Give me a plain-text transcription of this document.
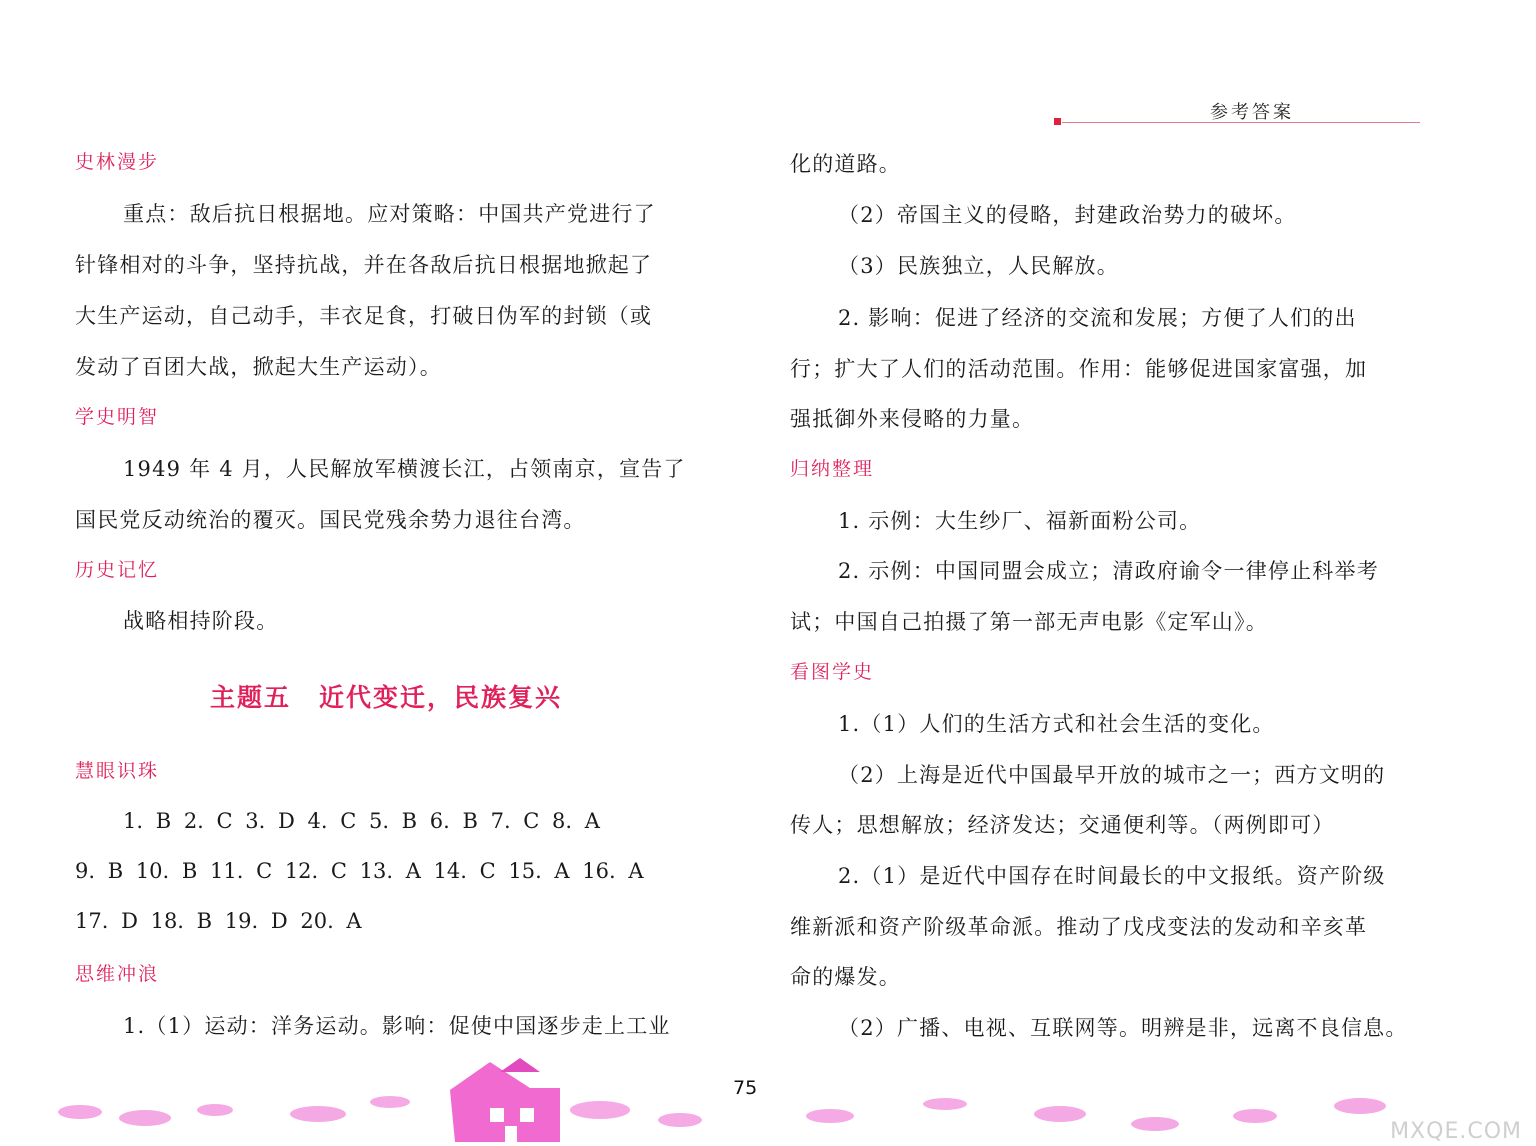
参考答案
史林漫步
重点：敌后抗日根据地。应对策略：中国共产党进行了
针锋相对的斗争，坚持抗战，并在各敌后抗日根据地掀起了
大生产运动，自己动手，丰衣足食，打破日伪军的封锁（或
发动了百团大战，掀起大生产运动）。
学史明智
1949 年 4 月，人民解放军横渡长江，占领南京，宣告了
国民党反动统治的覆灭。国民党残余势力退往台湾。
历史记忆
战略相持阶段。
慧眼识珠
1. B 2. C 3. D 4. C 5. B 6. B 7. C 8. A
9. B 10. B 11. C 12. C 13. A 14. C 15. A 16. A
17. D 18. B 19. D 20. A
思维冲浪
1.（1）运动：洋务运动。影响：促使中国逐步走上工业
主题五 近代变迁，民族复兴
化的道路。
（2）帝国主义的侵略，封建政治势力的破坏。
（3）民族独立，人民解放。
2. 影响：促进了经济的交流和发展；方便了人们的出
行；扩大了人们的活动范围。作用：能够促进国家富强，加
强抵御外来侵略的力量。
归纳整理
1. 示例：大生纱厂、福新面粉公司。
2. 示例：中国同盟会成立；清政府谕令一律停止科举考
试；中国自己拍摄了第一部无声电影《定军山》。
看图学史
1.（1）人们的生活方式和社会生活的变化。
（2）上海是近代中国最早开放的城市之一；西方文明的
传人；思想解放；经济发达；交通便利等。（两例即可）
2.（1）是近代中国存在时间最长的中文报纸。资产阶级
维新派和资产阶级革命派。推动了戊戌变法的发动和辛亥革
命的爆发。
（2）广播、电视、互联网等。明辨是非，远离不良信息。
75
MXQE.COM
